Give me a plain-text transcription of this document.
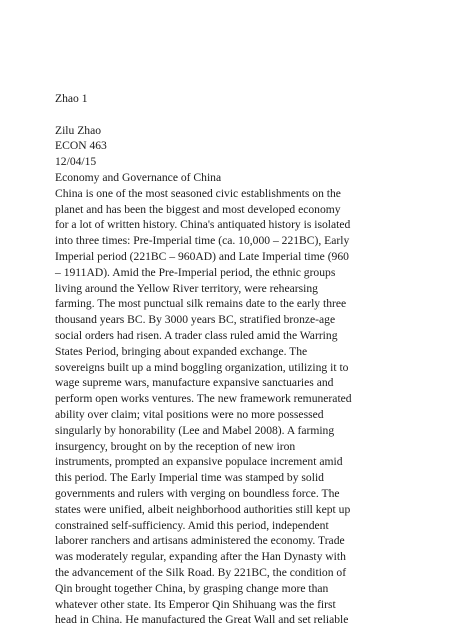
Zhao 1
Zilu Zhao
ECON 463
12/04/15
Economy and Governance of China
China is one of the most seasoned civic establishments on the
planet and has been the biggest and most developed economy
for a lot of written history. China's antiquated history is isolated
into three times: Pre-Imperial time (ca. 10,000 – 221BC), Early
Imperial period (221BC – 960AD) and Late Imperial time (960
– 1911AD). Amid the Pre-Imperial period, the ethnic groups
living around the Yellow River territory, were rehearsing
farming. The most punctual silk remains date to the early three
thousand years BC. By 3000 years BC, stratified bronze-age
social orders had risen. A trader class ruled amid the Warring
States Period, bringing about expanded exchange. The
sovereigns built up a mind boggling organization, utilizing it to
wage supreme wars, manufacture expansive sanctuaries and
perform open works ventures. The new framework remunerated
ability over claim; vital positions were no more possessed
singularly by honorability (Lee and Mabel 2008). A farming
insurgency, brought on by the reception of new iron
instruments, prompted an expansive populace increment amid
this period. The Early Imperial time was stamped by solid
governments and rulers with verging on boundless force. The
states were unified, albeit neighborhood authorities still kept up
constrained self-sufficiency. Amid this period, independent
laborer ranchers and artisans administered the economy. Trade
was moderately regular, expanding after the Han Dynasty with
the advancement of the Silk Road. By 221BC, the condition of
Qin brought together China, by grasping change more than
whatever other state. Its Emperor Qin Shihuang was the first
head in China. He manufactured the Great Wall and set reliable
